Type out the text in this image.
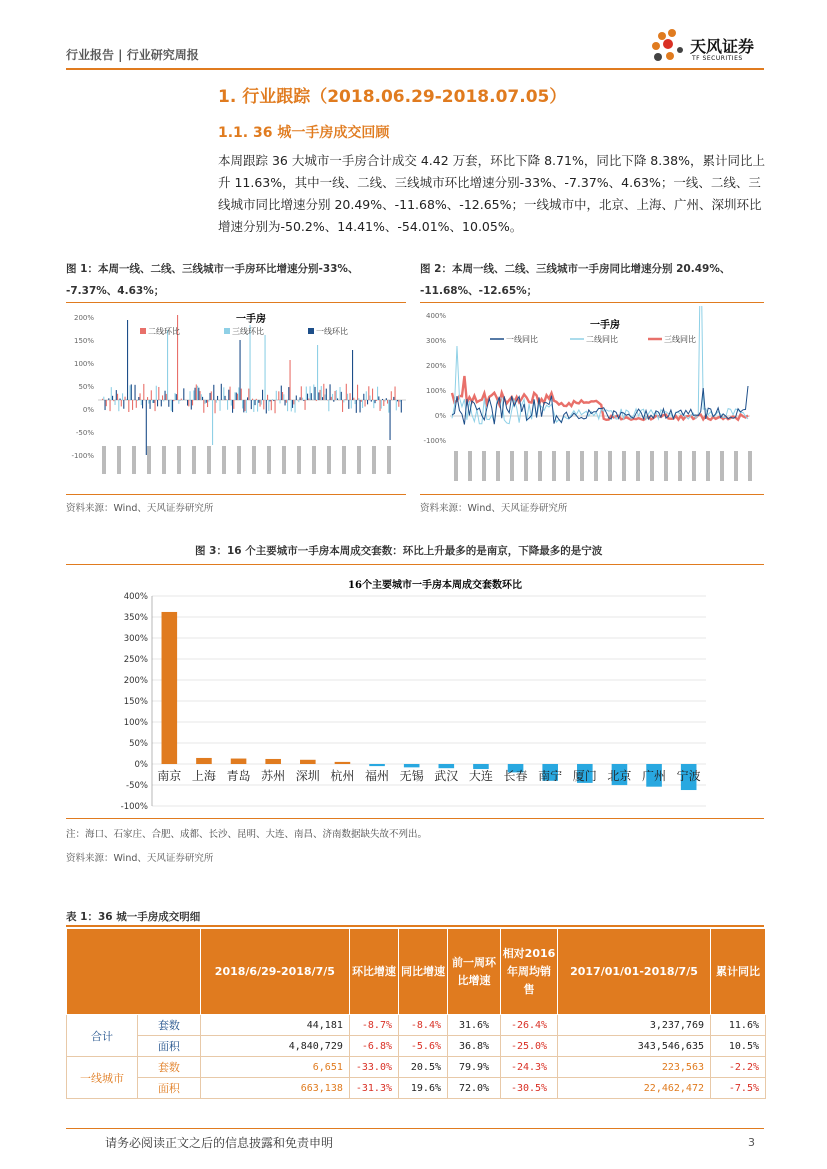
行业报告 | 行业研究周报	天风证券
TF SECURITIES
1. 行业跟踪（2018.06.29-2018.07.05）
1.1. 36 城一手房成交回顾
本周跟踪 36 大城市一手房合计成交 4.42 万套，环比下降 8.71%，同比下降 8.38%，累计同比上升 11.63%，其中一线、二线、三线城市环比增速分别-33%、-7.37%、4.63%；一线、二线、三线城市同比增速分别 20.49%、-11.68%、-12.65%；一线城市中，北京、上海、广州、深圳环比增速分别为-50.2%、14.41%、-54.01%、10.05%。
图 1：本周一线、二线、三线城市一手房环比增速分别-33%、
-7.37%、4.63%；
200%
150%
100%
50%
0%
-50%
-100%
一手房
二线环比	三线环比	一线环比
资料来源：Wind、天风证券研究所
图 2：本周一线、二线、三线城市一手房同比增速分别 20.49%、
-11.68%、-12.65%；
400%
300%
200%
100%
0%
-100%
一手房
一线同比	二线同比	三线同比
资料来源：Wind、天风证券研究所
图 3：16 个主要城市一手房本周成交套数：环比上升最多的是南京，下降最多的是宁波
16个主要城市一手房本周成交套数环比
400%
350%
300%
250%
200%
150%
100%
50%
0%
-50%
-100%
南京 上海 青岛 苏州 深圳 杭州 福州 无锡 武汉 大连 长春 南宁 厦门 北京 广州 宁波
注：海口、石家庄、合肥、成都、长沙、昆明、大连、南昌、济南数据缺失故不列出。
资料来源：Wind、天风证券研究所
表 1：36 城一手房成交明细
		2018/6/29-2018/7/5	环比增速	同比增速	前一周环比增速	相对2016年周均销售	2017/01/01-2018/7/5	累计同比
合计	套数	44,181	-8.7%	-8.4%	31.6%	-26.4%	3,237,769	11.6%
	面积	4,840,729	-6.8%	-5.6%	36.8%	-25.0%	343,546,635	10.5%
一线城市	套数	6,651	-33.0%	20.5%	79.9%	-24.3%	223,563	-2.2%
	面积	663,138	-31.3%	19.6%	72.0%	-30.5%	22,462,472	-7.5%
请务必阅读正文之后的信息披露和免责申明	3
